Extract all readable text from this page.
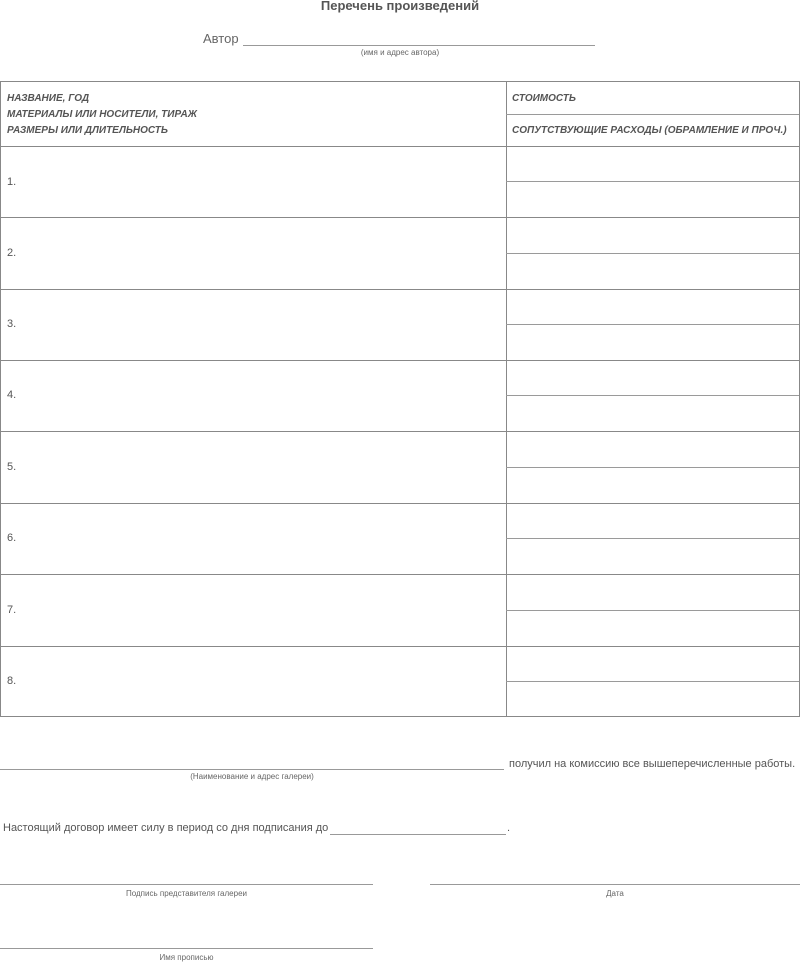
Перечень произведений
Автор
(имя и адрес автора)
НАЗВАНИЕ, ГОД
МАТЕРИАЛЫ ИЛИ НОСИТЕЛИ, ТИРАЖ
РАЗМЕРЫ ИЛИ ДЛИТЕЛЬНОСТЬ
СТОИМОСТЬ
СОПУТСТВУЮЩИЕ РАСХОДЫ (ОБРАМЛЕНИЕ И ПРОЧ.)
1.
2.
3.
4.
5.
6.
7.
8.
получил на комиссию все вышеперечисленные работы.
(Наименование и адрес галереи)
Настоящий договор имеет силу в период со дня подписания до	.
Подпись представителя галереи	Дата
Имя прописью
